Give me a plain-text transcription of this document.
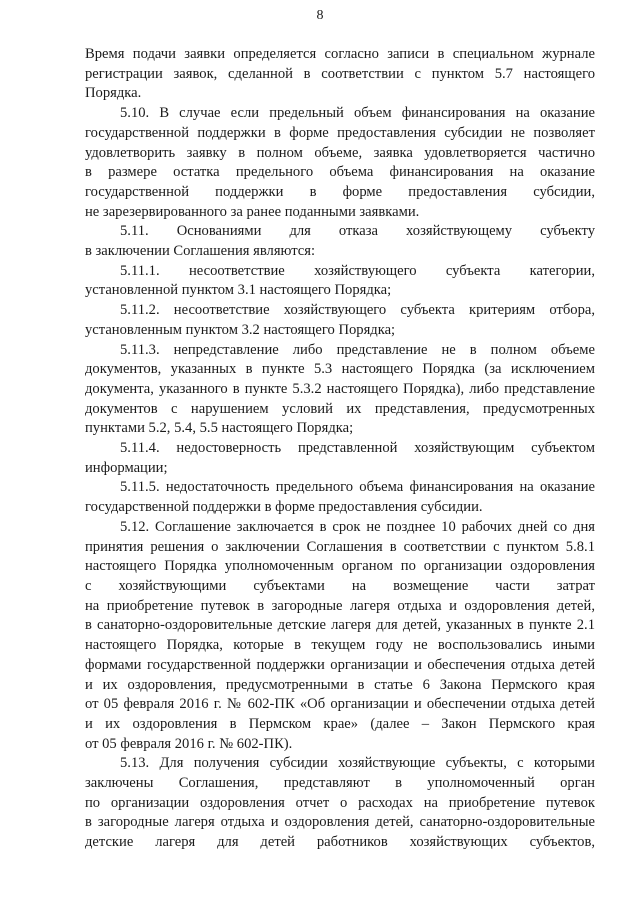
8

Время подачи заявки определяется согласно записи в специальном журнале

регистрации заявок, сделанной в соответствии с пунктом 5.7 настоящего

Порядка.

5.10. В случае если предельный объем финансирования на оказание

государственной поддержки в форме предоставления субсидии не позволяет

удовлетворить заявку в полном объеме, заявка удовлетворяется частично

в размере остатка предельного объема финансирования на оказание

государственной поддержки в форме предоставления субсидии,

не зарезервированного за ранее поданными заявками.

5.11. Основаниями для отказа хозяйствующему субъекту

в заключении Соглашения являются:

5.11.1. несоответствие хозяйствующего субъекта категории,

установленной пунктом 3.1 настоящего Порядка;

5.11.2. несоответствие хозяйствующего субъекта критериям отбора,

установленным пунктом 3.2 настоящего Порядка;

5.11.3. непредставление либо представление не в полном объеме

документов, указанных в пункте 5.3 настоящего Порядка (за исключением

документа, указанного в пункте 5.3.2 настоящего Порядка), либо представление

документов с нарушением условий их представления, предусмотренных

пунктами 5.2, 5.4, 5.5 настоящего Порядка;

5.11.4. недостоверность представленной хозяйствующим субъектом

информации;

5.11.5. недостаточность предельного объема финансирования на оказание

государственной поддержки в форме предоставления субсидии.

5.12. Соглашение заключается в срок не позднее 10 рабочих дней со дня

принятия решения о заключении Соглашения в соответствии с пунктом 5.8.1

настоящего Порядка уполномоченным органом по организации оздоровления

с хозяйствующими субъектами на возмещение части затрат

на приобретение путевок в загородные лагеря отдыха и оздоровления детей,

в санаторно-оздоровительные детские лагеря для детей, указанных в пункте 2.1

настоящего Порядка, которые в текущем году не воспользовались иными

формами государственной поддержки организации и обеспечения отдыха детей

и их оздоровления, предусмотренными в статье 6 Закона Пермского края

от 05 февраля 2016 г. № 602-ПК «Об организации и обеспечении отдыха детей

и их оздоровления в Пермском крае» (далее – Закон Пермского края

от 05 февраля 2016 г. № 602-ПК).

5.13. Для получения субсидии хозяйствующие субъекты, с которыми

заключены Соглашения, представляют в уполномоченный орган

по организации оздоровления отчет о расходах на приобретение путевок

в загородные лагеря отдыха и оздоровления детей, санаторно-оздоровительные

детские лагеря для детей работников хозяйствующих субъектов,
